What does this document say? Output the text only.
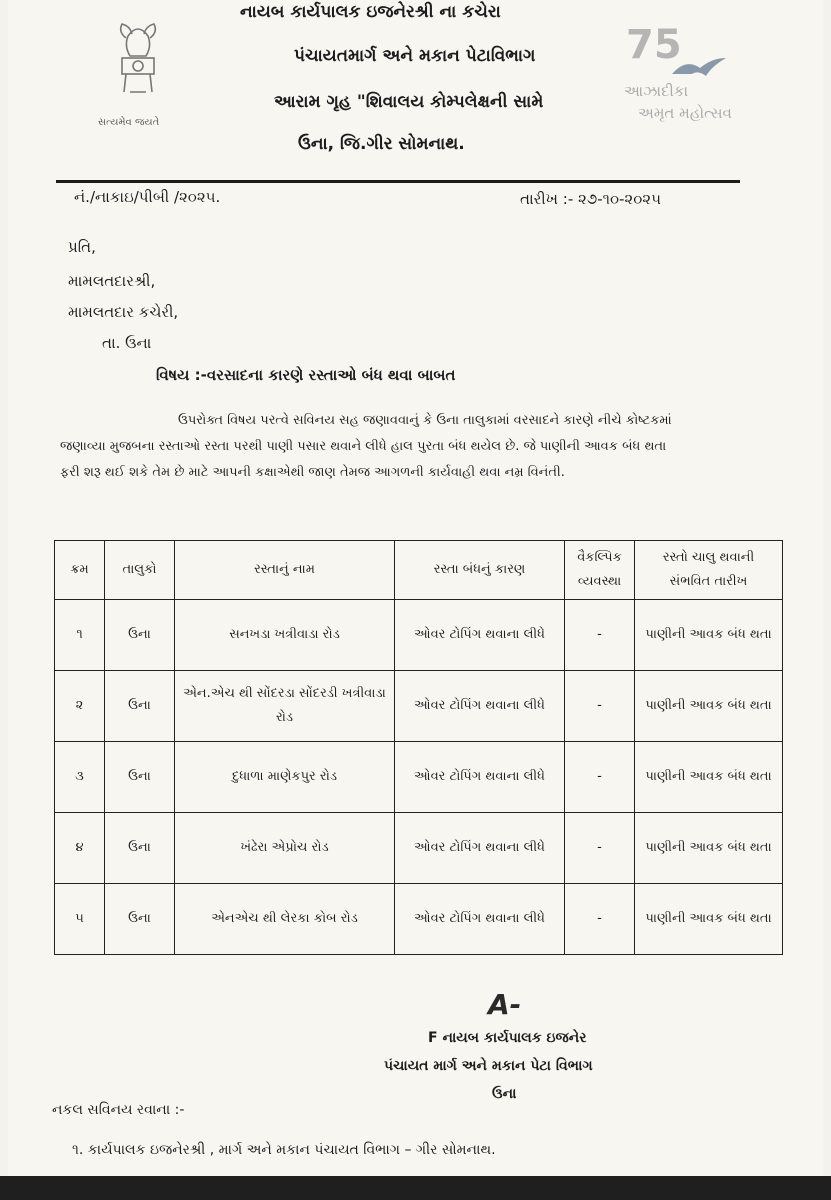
સત્યમેવ જયતે
75
આઝાદીકા
અમૃત મહોત્સવ
નાયબ કાર્યપાલક ઇજનેરશ્રી ના કચેરા
પંચાયતમાર્ગ અને મકાન પેટાવિભાગ
આરામ ગૃહ "શિવાલય કોમ્પલેક્ષની સામે
ઉના, જિ.ગીર સોમનાથ.
નં./નાકાઇ/પીબી /૨૦૨૫.	તારીખ :- ૨૭-૧૦-૨૦૨૫
પ્રતિ,
મામલતદારશ્રી,
મામલતદાર કચેરી,
તા. ઉના
વિષય :-વરસાદના કારણે રસ્તાઓ બંધ થવા બાબત
ઉપરોક્ત વિષય પરત્વે સવિનય સહ જણાવવાનું કે ઉના તાલુકામાં વરસાદને કારણે નીચે કોષ્ટકમાં
જણાવ્યા મુજબના રસ્તાઓ રસ્તા પરથી પાણી પસાર થવાને લીધે હાલ પુરતા બંધ થયેલ છે. જે પાણીની આવક બંધ થતા
ફરી શરૂ થઈ શકે તેમ છે માટે આપની કક્ષાએથી જાણ તેમજ આગળની કાર્યવાહી થવા નમ્ર વિનંતી.
ક્રમ	તાલુકો	રસ્તાનું નામ	રસ્તા બંધનું કારણ	વૈકલ્પિક વ્યવસ્થા	રસ્તો ચાલુ થવાની સંભવિત તારીખ
૧	ઉના	સનખડા ખત્રીવાડા રોડ	ઓવર ટોપિંગ થવાના લીધે	-	પાણીની આવક બંધ થતા
૨	ઉના	એન.એચ થી સોંદરડા સોંદરડી ખત્રીવાડા રોડ	ઓવર ટોપિંગ થવાના લીધે	-	પાણીની આવક બંધ થતા
૩	ઉના	દુધાળા માણેકપુર રોડ	ઓવર ટોપિંગ થવાના લીધે	-	પાણીની આવક બંધ થતા
૪	ઉના	ખંઢેરા એપ્રોચ રોડ	ઓવર ટોપિંગ થવાના લીધે	-	પાણીની આવક બંધ થતા
૫	ઉના	એનએચ થી લેરકા કોબ રોડ	ઓવર ટોપિંગ થવાના લીધે	-	પાણીની આવક બંધ થતા
A-
F નાયબ કાર્યપાલક ઇજનેર
પંચાયત માર્ગ અને મકાન પેટા વિભાગ
ઉના
નકલ સવિનય રવાના :-
૧. કાર્યપાલક ઇજનેરશ્રી , માર્ગ અને મકાન પંચાયત વિભાગ – ગીર સોમનાથ.
